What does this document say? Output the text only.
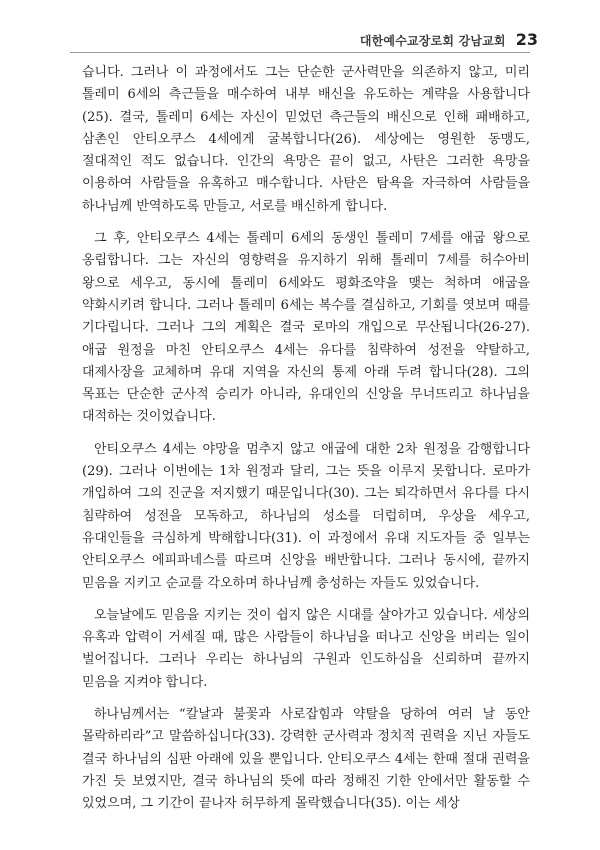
대한예수교장로회 강남교회 23

습니다. 그러나 이 과정에서도 그는 단순한 군사력만을 의존하지 않고, 미리 톨레미 6세의 측근들을 매수하여 내부 배신을 유도하는 계략을 사용합니다(25). 결국, 톨레미 6세는 자신이 믿었던 측근들의 배신으로 인해 패배하고, 삼촌인 안티오쿠스 4세에게 굴복합니다(26). 세상에는 영원한 동맹도, 절대적인 적도 없습니다. 인간의 욕망은 끝이 없고, 사탄은 그러한 욕망을 이용하여 사람들을 유혹하고 매수합니다. 사탄은 탐욕을 자극하여 사람들을 하나님께 반역하도록 만들고, 서로를 배신하게 합니다.

그 후, 안티오쿠스 4세는 톨레미 6세의 동생인 톨레미 7세를 애굽 왕으로 옹립합니다. 그는 자신의 영향력을 유지하기 위해 톨레미 7세를 허수아비 왕으로 세우고, 동시에 톨레미 6세와도 평화조약을 맺는 척하며 애굽을 약화시키려 합니다. 그러나 톨레미 6세는 복수를 결심하고, 기회를 엿보며 때를 기다립니다. 그러나 그의 계획은 결국 로마의 개입으로 무산됩니다(26-27). 애굽 원정을 마친 안티오쿠스 4세는 유다를 침략하여 성전을 약탈하고, 대제사장을 교체하며 유대 지역을 자신의 통제 아래 두려 합니다(28). 그의 목표는 단순한 군사적 승리가 아니라, 유대인의 신앙을 무너뜨리고 하나님을 대적하는 것이었습니다.

안티오쿠스 4세는 야망을 멈추지 않고 애굽에 대한 2차 원정을 감행합니다(29). 그러나 이번에는 1차 원정과 달리, 그는 뜻을 이루지 못합니다. 로마가 개입하여 그의 진군을 저지했기 때문입니다(30). 그는 퇴각하면서 유다를 다시 침략하여 성전을 모독하고, 하나님의 성소를 더럽히며, 우상을 세우고, 유대인들을 극심하게 박해합니다(31). 이 과정에서 유대 지도자들 중 일부는 안티오쿠스 에피파네스를 따르며 신앙을 배반합니다. 그러나 동시에, 끝까지 믿음을 지키고 순교를 각오하며 하나님께 충성하는 자들도 있었습니다.

오늘날에도 믿음을 지키는 것이 쉽지 않은 시대를 살아가고 있습니다. 세상의 유혹과 압력이 거세질 때, 많은 사람들이 하나님을 떠나고 신앙을 버리는 일이 벌어집니다. 그러나 우리는 하나님의 구원과 인도하심을 신뢰하며 끝까지 믿음을 지켜야 합니다.

하나님께서는 “칼날과 불꽃과 사로잡힘과 약탈을 당하여 여러 날 동안 몰락하리라”고 말씀하십니다(33). 강력한 군사력과 정치적 권력을 지닌 자들도 결국 하나님의 심판 아래에 있을 뿐입니다. 안티오쿠스 4세는 한때 절대 권력을 가진 듯 보였지만, 결국 하나님의 뜻에 따라 정해진 기한 안에서만 활동할 수 있었으며, 그 기간이 끝나자 허무하게 몰락했습니다(35). 이는 세상
